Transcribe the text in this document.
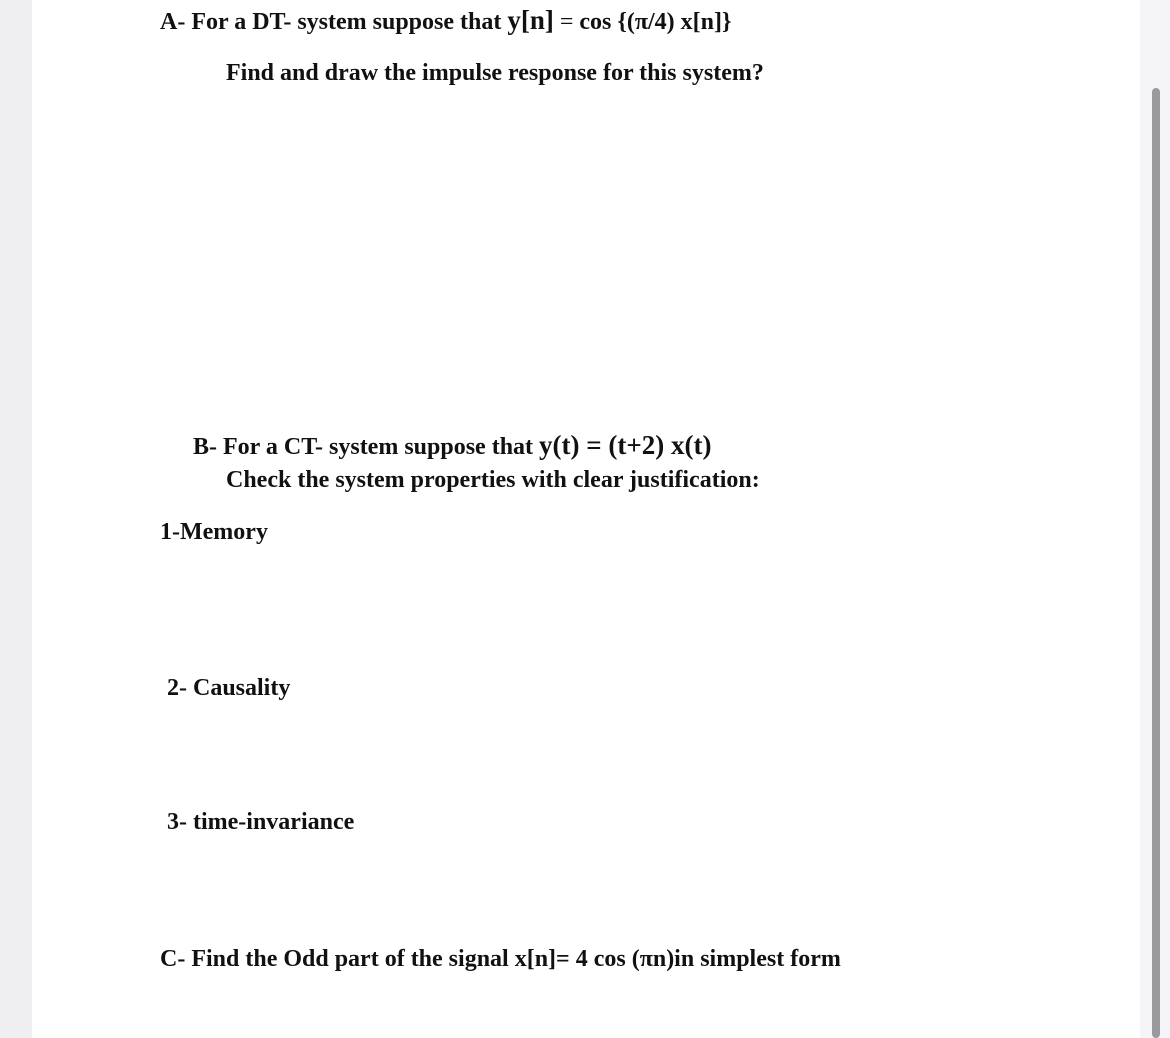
A- For a DT- system suppose that y[n] = cos {(π/4) x[n]}
Find and draw the impulse response for this system?
B- For a CT- system suppose that y(t) = (t+2) x(t)
Check the system properties with clear justification:
1-Memory
2- Causality
3- time-invariance
C- Find the Odd part of the signal x[n]= 4 cos (πn)in simplest form
